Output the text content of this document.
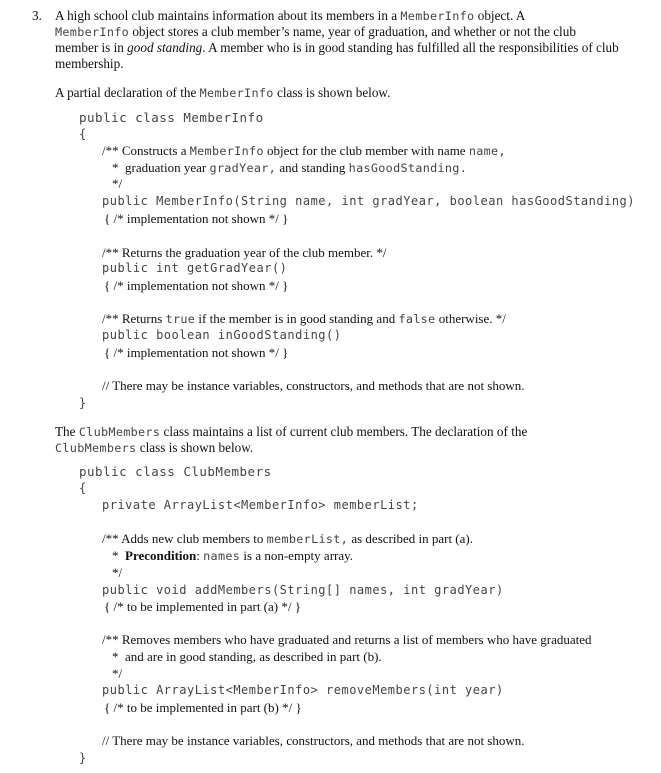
3. A high school club maintains information about its members in a MemberInfo object. A
MemberInfo object stores a club member’s name, year of graduation, and whether or not the club
member is in good standing. A member who is in good standing has fulfilled all the responsibilities of club
membership.
A partial declaration of the MemberInfo class is shown below.
public class MemberInfo
{
/** Constructs a MemberInfo object for the club member with name name,
* graduation year gradYear, and standing hasGoodStanding.
*/
public MemberInfo(String name, int gradYear, boolean hasGoodStanding)
{ /* implementation not shown */ }
/** Returns the graduation year of the club member. */
public int getGradYear()
{ /* implementation not shown */ }
/** Returns true if the member is in good standing and false otherwise. */
public boolean inGoodStanding()
{ /* implementation not shown */ }
// There may be instance variables, constructors, and methods that are not shown.
}
The ClubMembers class maintains a list of current club members. The declaration of the
ClubMembers class is shown below.
public class ClubMembers
{
private ArrayList<MemberInfo> memberList;
/** Adds new club members to memberList, as described in part (a).
* Precondition: names is a non-empty array.
*/
public void addMembers(String[] names, int gradYear)
{ /* to be implemented in part (a) */ }
/** Removes members who have graduated and returns a list of members who have graduated
* and are in good standing, as described in part (b).
*/
public ArrayList<MemberInfo> removeMembers(int year)
{ /* to be implemented in part (b) */ }
// There may be instance variables, constructors, and methods that are not shown.
}
